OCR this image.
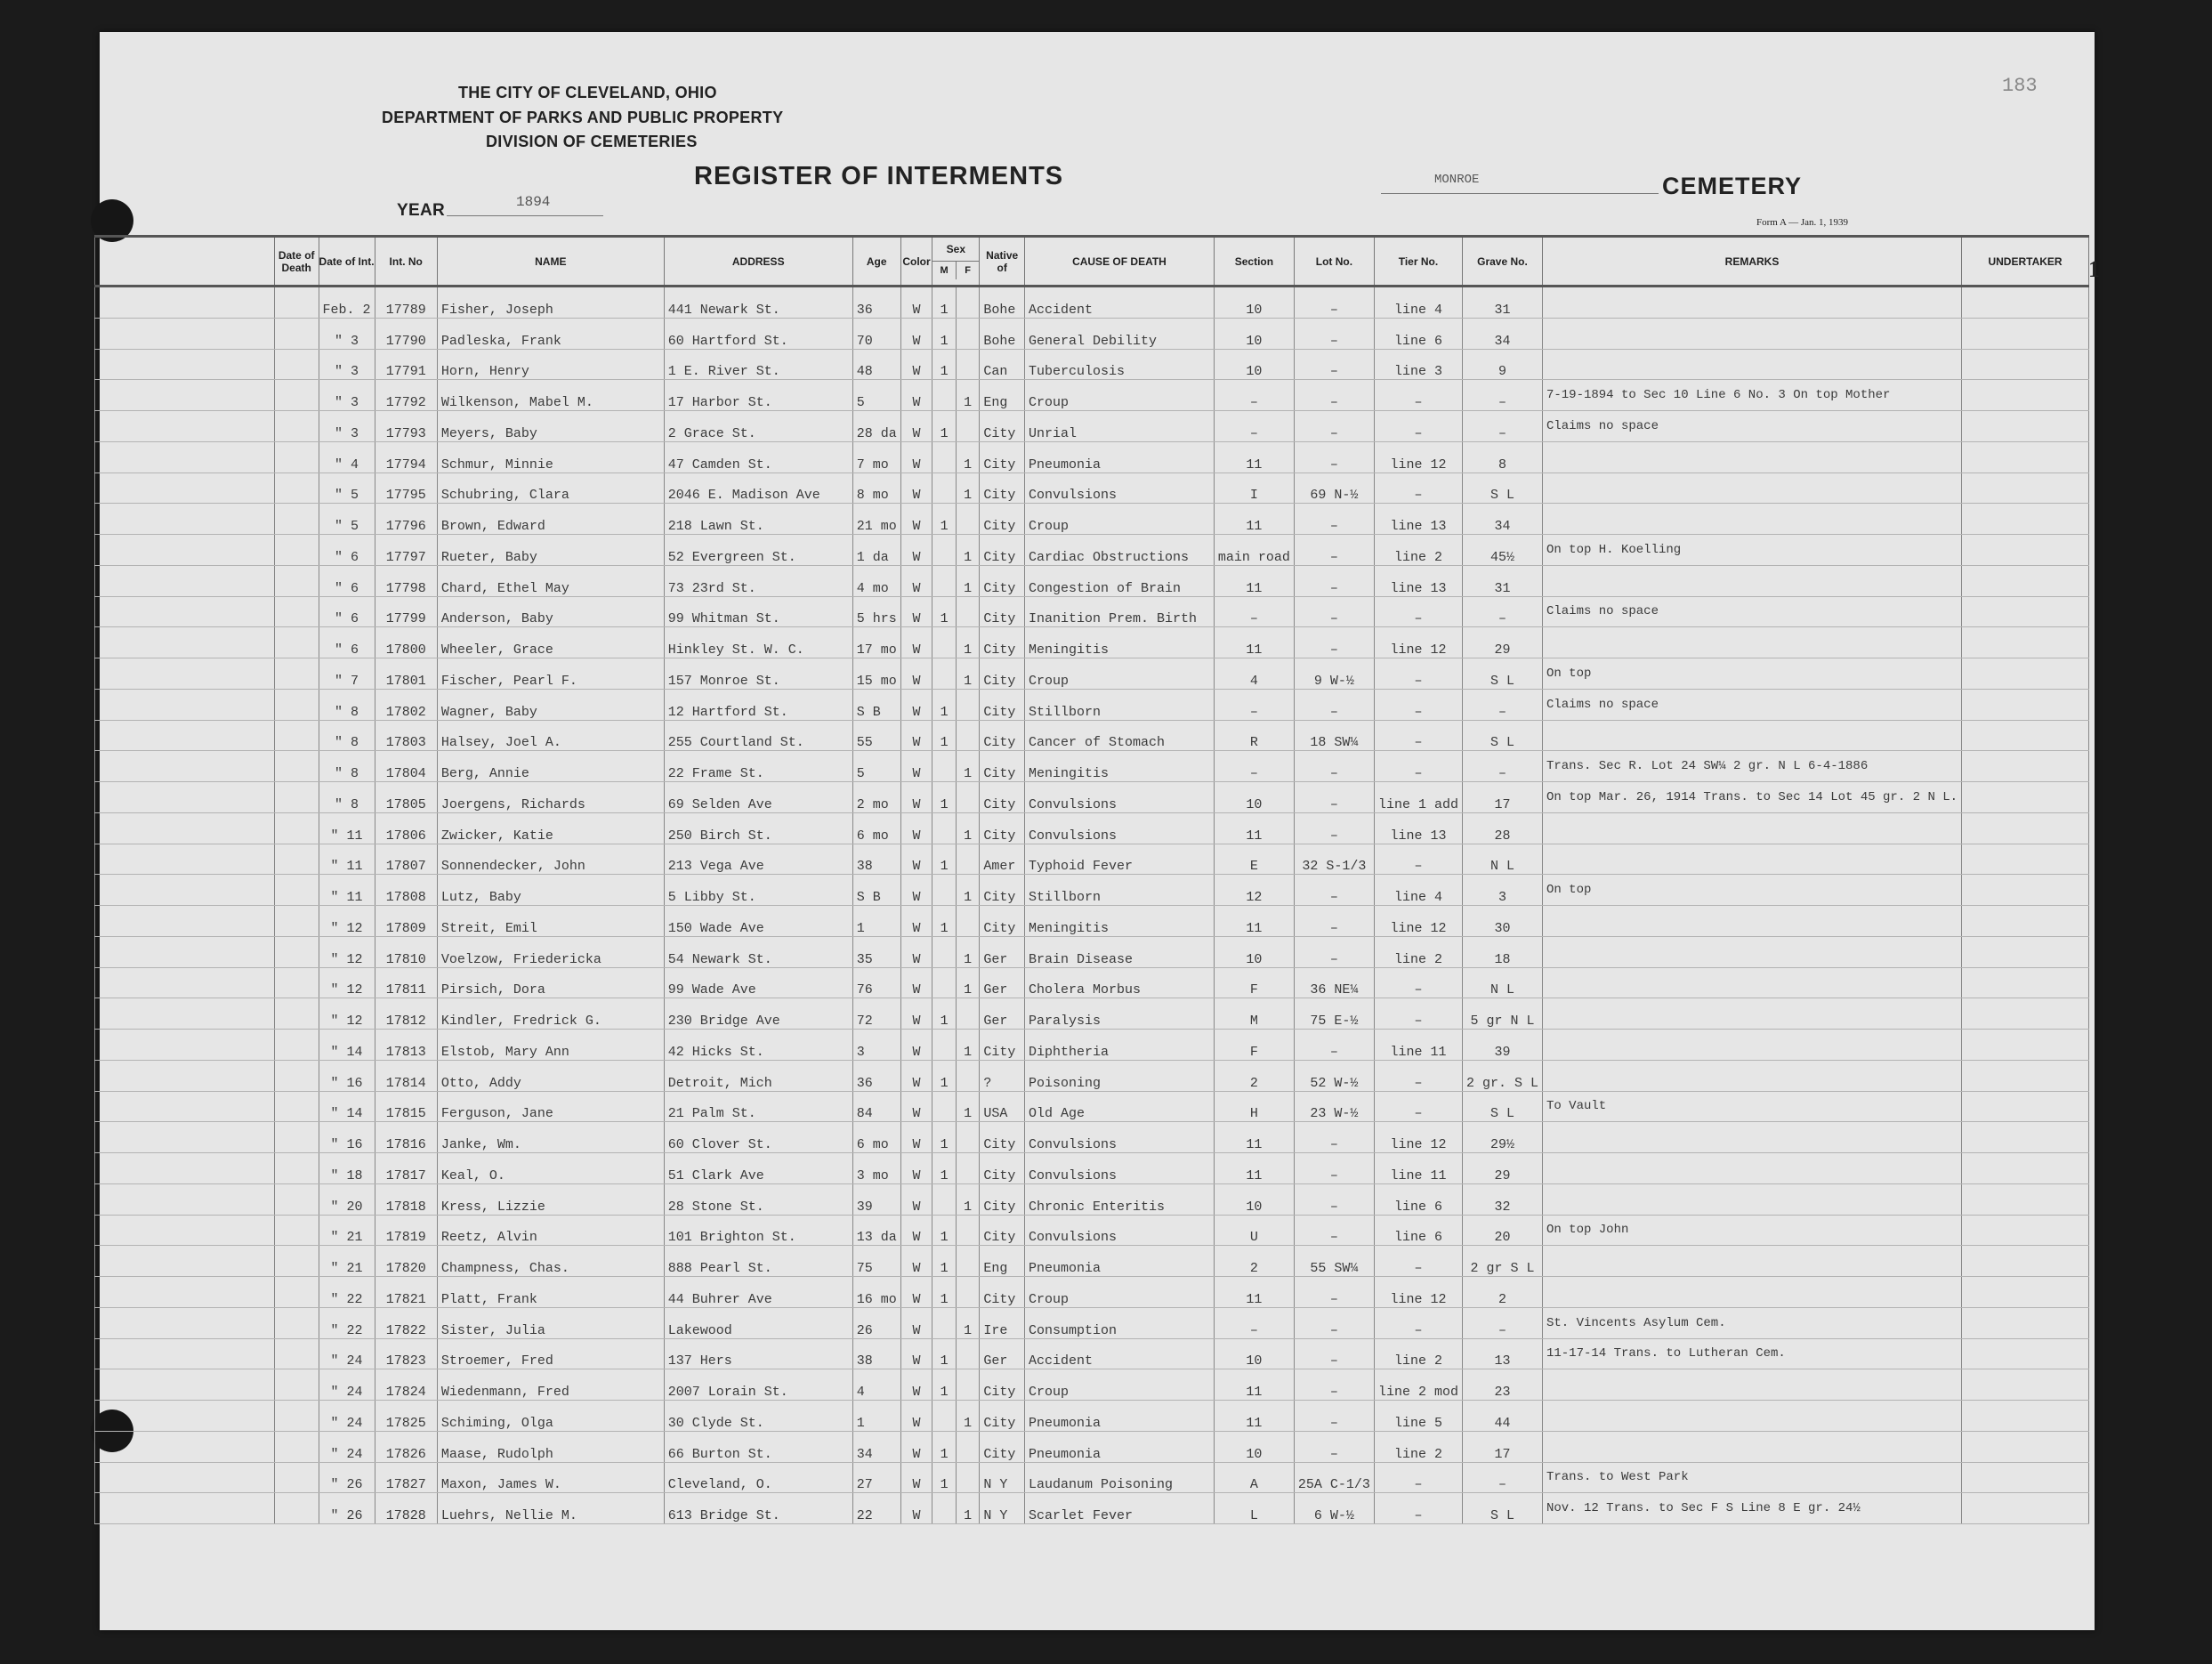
THE CITY OF CLEVELAND, OHIO
DEPARTMENT OF PARKS AND PUBLIC PROPERTY
DIVISION OF CEMETERIES
REGISTER OF INTERMENTS
183
YEAR	1894
MONROE	CEMETERY
Form A — Jan. 1, 1939
	Date of Death	Date of Int.	Int. No	NAME	ADDRESS	Age	Color	Sex
M F		Native of	CAUSE OF DEATH	Section	Lot No.	Tier No.	Grave No.	REMARKS	UNDERTAKER
		Feb. 2	17789	Fisher, Joseph	441 Newark St.	36	W	1		Bohe	Accident	10	–	line 4	31		
		" 3	17790	Padleska, Frank	60 Hartford St.	70	W	1		Bohe	General Debility	10	–	line 6	34		
		" 3	17791	Horn, Henry	1 E. River St.	48	W	1		Can	Tuberculosis	10	–	line 3	9		
		" 3	17792	Wilkenson, Mabel M.	17 Harbor St.	5	W		1	Eng	Croup	–	–	–	–	7-19-1894 to Sec 10 Line 6 No. 3 On top Mother	
		" 3	17793	Meyers, Baby	2 Grace St.	28 da	W	1		City	Unrial	–	–	–	–	Claims no space	
		" 4	17794	Schmur, Minnie	47 Camden St.	7 mo	W		1	City	Pneumonia	11	–	line 12	8		
		" 5	17795	Schubring, Clara	2046 E. Madison Ave	8 mo	W		1	City	Convulsions	I	69 N-½	–	S L		
		" 5	17796	Brown, Edward	218 Lawn St.	21 mo	W	1		City	Croup	11	–	line 13	34		
		" 6	17797	Rueter, Baby	52 Evergreen St.	1 da	W		1	City	Cardiac Obstructions	main road	–	line 2	45½	On top H. Koelling	
		" 6	17798	Chard, Ethel May	73 23rd St.	4 mo	W		1	City	Congestion of Brain	11	–	line 13	31		
		" 6	17799	Anderson, Baby	99 Whitman St.	5 hrs	W	1		City	Inanition Prem. Birth	–	–	–	–	Claims no space	
		" 6	17800	Wheeler, Grace	Hinkley St. W. C.	17 mo	W		1	City	Meningitis	11	–	line 12	29		
		" 7	17801	Fischer, Pearl F.	157 Monroe St.	15 mo	W		1	City	Croup	4	9 W-½	–	S L	On top	
		" 8	17802	Wagner, Baby	12 Hartford St.	S B	W	1		City	Stillborn	–	–	–	–	Claims no space	
		" 8	17803	Halsey, Joel A.	255 Courtland St.	55	W	1		City	Cancer of Stomach	R	18 SW¼	–	S L		
		" 8	17804	Berg, Annie	22 Frame St.	5	W		1	City	Meningitis	–	–	–	–	Trans. Sec R. Lot 24 SW¼ 2 gr. N L 6-4-1886	
		" 8	17805	Joergens, Richards	69 Selden Ave	2 mo	W	1		City	Convulsions	10	–	line 1 add	17	On top Mar. 26, 1914 Trans. to Sec 14 Lot 45 gr. 2 N L.	
		" 11	17806	Zwicker, Katie	250 Birch St.	6 mo	W		1	City	Convulsions	11	–	line 13	28		
		" 11	17807	Sonnendecker, John	213 Vega Ave	38	W	1		Amer	Typhoid Fever	E	32 S-1/3	–	N L		
		" 11	17808	Lutz, Baby	5 Libby St.	S B	W		1	City	Stillborn	12	–	line 4	3	On top	
		" 12	17809	Streit, Emil	150 Wade Ave	1	W	1		City	Meningitis	11	–	line 12	30		
		" 12	17810	Voelzow, Friedericka	54 Newark St.	35	W		1	Ger	Brain Disease	10	–	line 2	18		
		" 12	17811	Pirsich, Dora	99 Wade Ave	76	W		1	Ger	Cholera Morbus	F	36 NE¼	–	N L		
		" 12	17812	Kindler, Fredrick G.	230 Bridge Ave	72	W	1		Ger	Paralysis	M	75 E-½	–	5 gr N L		
		" 14	17813	Elstob, Mary Ann	42 Hicks St.	3	W		1	City	Diphtheria	F	–	line 11	39		
		" 16	17814	Otto, Addy	Detroit, Mich	36	W	1		?	Poisoning	2	52 W-½	–	2 gr. S L		
		" 14	17815	Ferguson, Jane	21 Palm St.	84	W		1	USA	Old Age	H	23 W-½	–	S L	To Vault	
		" 16	17816	Janke, Wm.	60 Clover St.	6 mo	W	1		City	Convulsions	11	–	line 12	29½		
		" 18	17817	Keal, O.	51 Clark Ave	3 mo	W	1		City	Convulsions	11	–	line 11	29		
		" 20	17818	Kress, Lizzie	28 Stone St.	39	W		1	City	Chronic Enteritis	10	–	line 6	32		
		" 21	17819	Reetz, Alvin	101 Brighton St.	13 da	W	1		City	Convulsions	U	–	line 6	20	On top John	
		" 21	17820	Champness, Chas.	888 Pearl St.	75	W	1		Eng	Pneumonia	2	55 SW¼	–	2 gr S L		
		" 22	17821	Platt, Frank	44 Buhrer Ave	16 mo	W	1		City	Croup	11	–	line 12	2		
		" 22	17822	Sister, Julia	Lakewood	26	W		1	Ire	Consumption	–	–	–	–	St. Vincents Asylum Cem.	
		" 24	17823	Stroemer, Fred	137 Hers	38	W	1		Ger	Accident	10	–	line 2	13	11-17-14 Trans. to Lutheran Cem.	
		" 24	17824	Wiedenmann, Fred	2007 Lorain St.	4	W	1		City	Croup	11	–	line 2 mod	23		
		" 24	17825	Schiming, Olga	30 Clyde St.	1	W		1	City	Pneumonia	11	–	line 5	44		
		" 24	17826	Maase, Rudolph	66 Burton St.	34	W	1		City	Pneumonia	10	–	line 2	17		
		" 26	17827	Maxon, James W.	Cleveland, O.	27	W	1		N Y	Laudanum Poisoning	A	25A C-1/3	–	–	Trans. to West Park	
		" 26	17828	Luehrs, Nellie M.	613 Bridge St.	22	W		1	N Y	Scarlet Fever	L	6 W-½	–	S L	Nov. 12 Trans. to Sec F S Line 8 E gr. 24½	
1
